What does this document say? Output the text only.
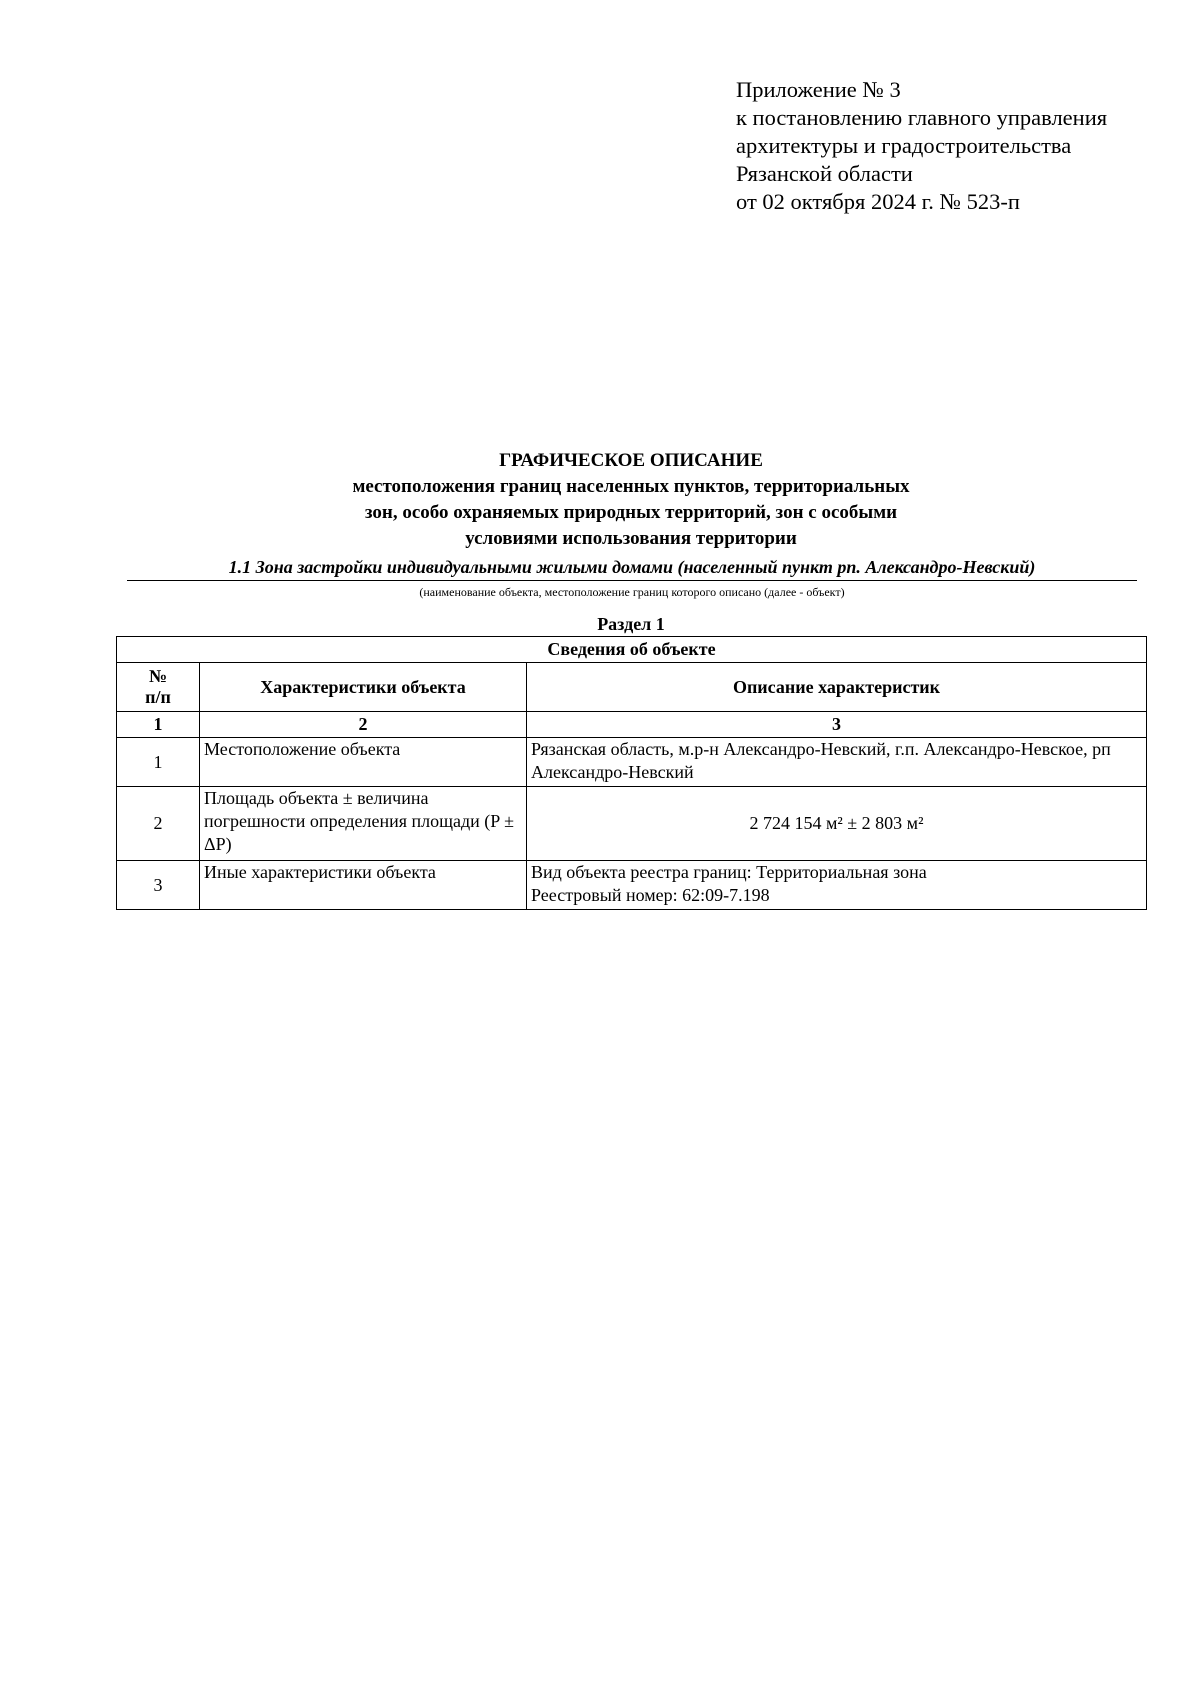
Приложение № 3
к постановлению главного управления
архитектуры и градостроительства
Рязанской области
от 02 октября 2024 г. № 523-п
ГРАФИЧЕСКОЕ ОПИСАНИЕ
местоположения границ населенных пунктов, территориальных
зон, особо охраняемых природных территорий, зон с особыми
условиями использования территории
1.1 Зона застройки индивидуальными жилыми домами (населенный пункт рп. Александро-Невский)
(наименование объекта, местоположение границ которого описано (далее - объект)
Раздел 1
Сведения об объекте		
№
п/п	Характеристики объекта	Описание характеристик
1	2	3
1	Местоположение объекта	Рязанская область, м.р-н Александро-Невский, г.п. Александро-Невское, рп Александро-Невский
2	Площадь объекта ± величина погрешности определения площади (P ± ΔP)	2 724 154 м² ± 2 803 м²
3	Иные характеристики объекта	Вид объекта реестра границ: Территориальная зона
Реестровый номер: 62:09-7.198
